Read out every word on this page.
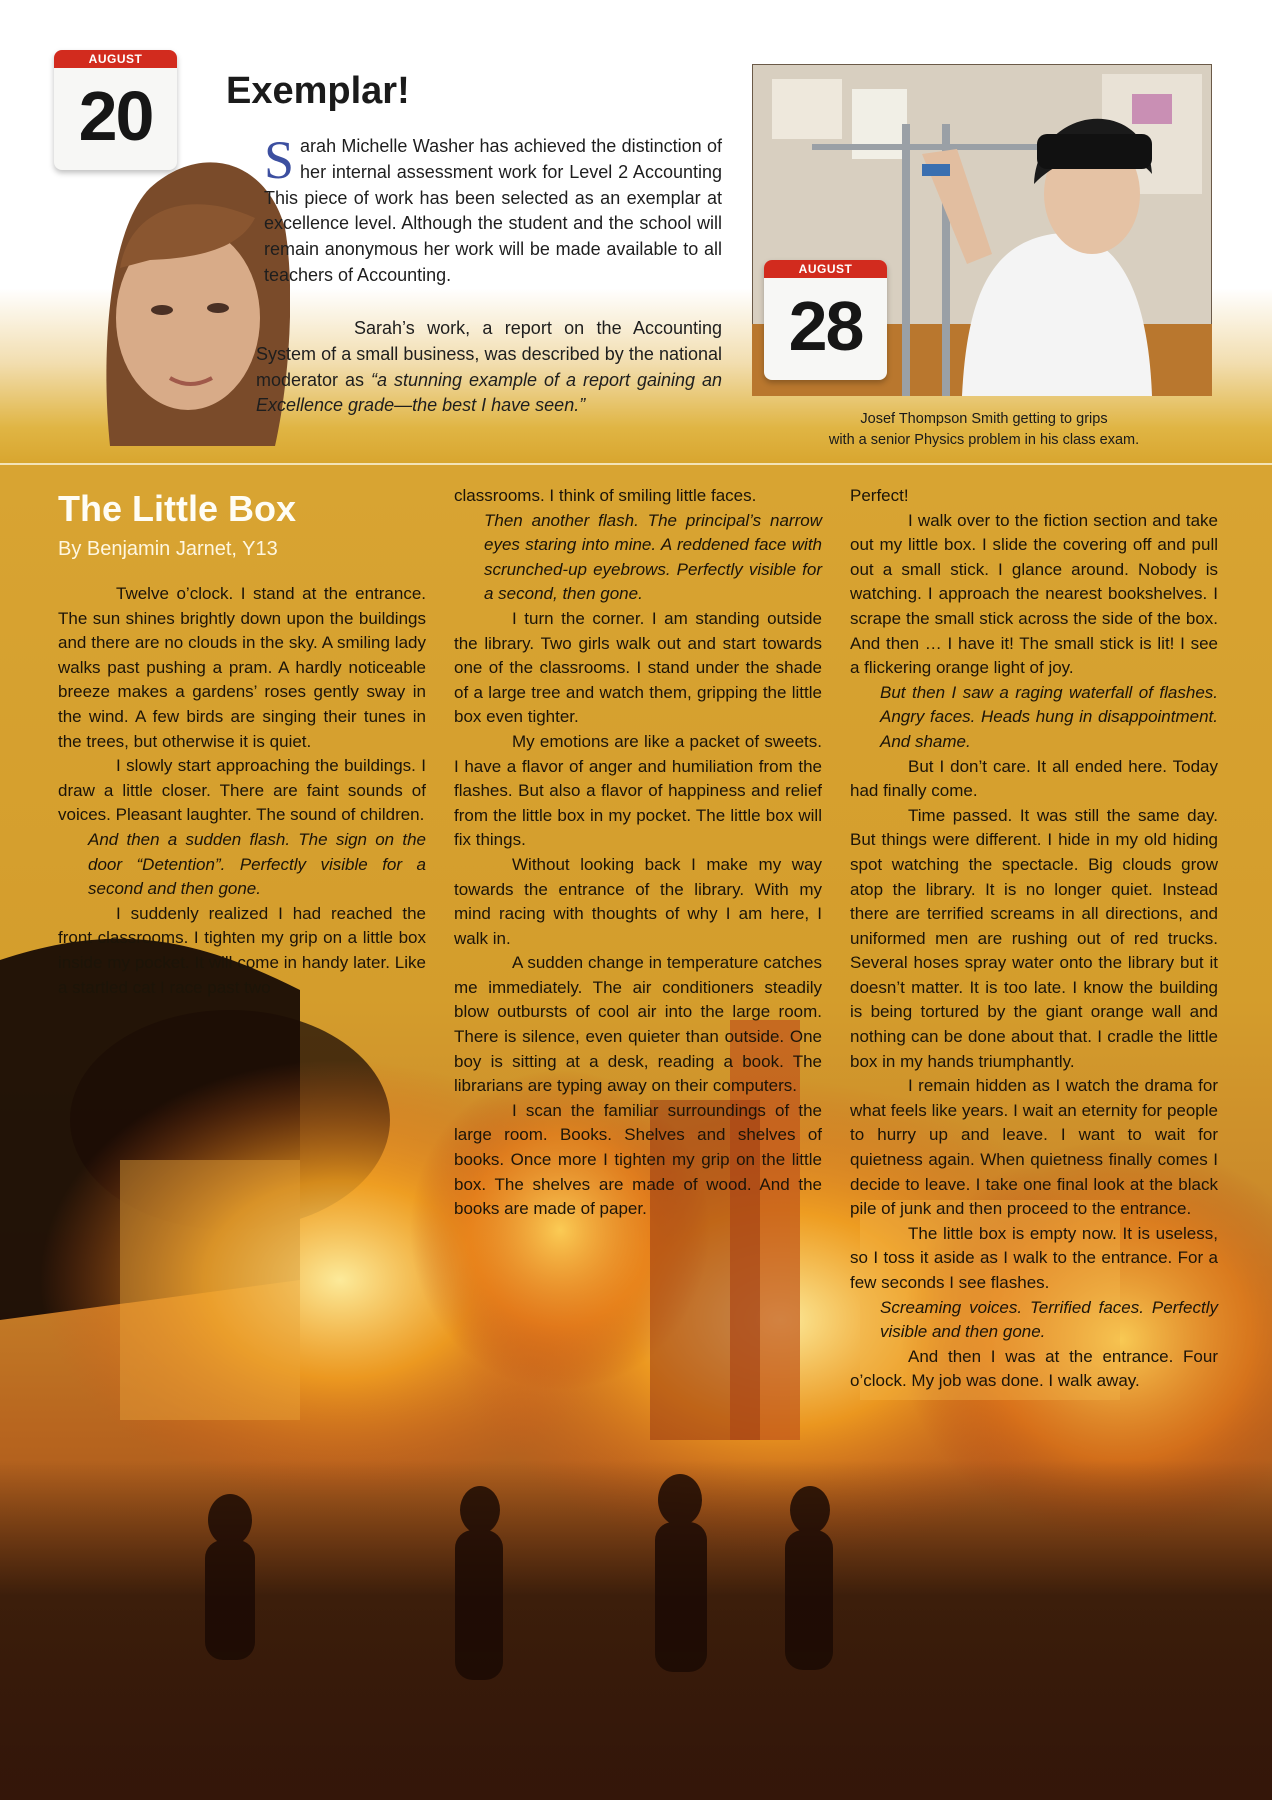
AUGUST
20	Exemplar!

Sarah Michelle Washer has achieved the distinction of her internal assessment work for Level 2 Accounting This piece of work has been selected as an exemplar at excellence level. Although the student and the school will remain anonymous her work will be made available to all teachers of Accounting.

Sarah’s work, a report on the Accounting System of a small business, was described by the national moderator as “a stunning example of a report gaining an Excellence grade—the best I have seen.”

AUGUST
28

Josef Thompson Smith getting to grips
with a senior Physics problem in his class exam.

The Little Box

By Benjamin Jarnet, Y13

Twelve o’clock. I stand at the entrance. The sun shines brightly down upon the buildings and there are no clouds in the sky. A smiling lady walks past pushing a pram. A hardly noticeable breeze makes a gardens’ roses gently sway in the wind. A few birds are singing their tunes in the trees, but otherwise it is quiet.

I slowly start approaching the buildings. I draw a little closer. There are faint sounds of voices. Pleasant laughter. The sound of children.

And then a sudden flash. The sign on the door “Detention”. Perfectly visible for a second and then gone.

I suddenly realized I had reached the front classrooms. I tighten my grip on a little box inside my pocket. It will come in handy later. Like a startled cat I race past two

classrooms. I think of smiling little faces.

Then another flash. The principal’s narrow eyes staring into mine. A reddened face with scrunched-up eyebrows. Perfectly visible for a second, then gone.

I turn the corner. I am standing outside the library. Two girls walk out and start towards one of the classrooms. I stand under the shade of a large tree and watch them, gripping the little box even tighter.

My emotions are like a packet of sweets. I have a flavor of anger and humiliation from the flashes. But also a flavor of happiness and relief from the little box in my pocket. The little box will fix things.

Without looking back I make my way towards the entrance of the library. With my mind racing with thoughts of why I am here, I walk in.

A sudden change in temperature catches me immediately. The air conditioners steadily blow outbursts of cool air into the large room. There is silence, even quieter than outside. One boy is sitting at a desk, reading a book. The librarians are typing away on their computers.

I scan the familiar surroundings of the large room. Books. Shelves and shelves of books. Once more I tighten my grip on the little box. The shelves are made of wood. And the books are made of paper.

Perfect!

I walk over to the fiction section and take out my little box. I slide the covering off and pull out a small stick. I glance around. Nobody is watching. I approach the nearest bookshelves. I scrape the small stick across the side of the box. And then … I have it! The small stick is lit! I see a flickering orange light of joy.

But then I saw a raging waterfall of flashes. Angry faces. Heads hung in disappointment. And shame.

But I don’t care. It all ended here. Today had finally come.

Time passed. It was still the same day. But things were different. I hide in my old hiding spot watching the spectacle. Big clouds grow atop the library. It is no longer quiet. Instead there are terrified screams in all directions, and uniformed men are rushing out of red trucks. Several hoses spray water onto the library but it doesn’t matter. It is too late. I know the building is being tortured by the giant orange wall and nothing can be done about that. I cradle the little box in my hands triumphantly.

I remain hidden as I watch the drama for what feels like years. I wait an eternity for people to hurry up and leave. I want to wait for quietness again. When quietness finally comes I decide to leave. I take one final look at the black pile of junk and then proceed to the entrance.

The little box is empty now. It is useless, so I toss it aside as I walk to the entrance. For a few seconds I see flashes.

Screaming voices. Terrified faces. Perfectly visible and then gone.

And then I was at the entrance. Four o’clock. My job was done. I walk away.
